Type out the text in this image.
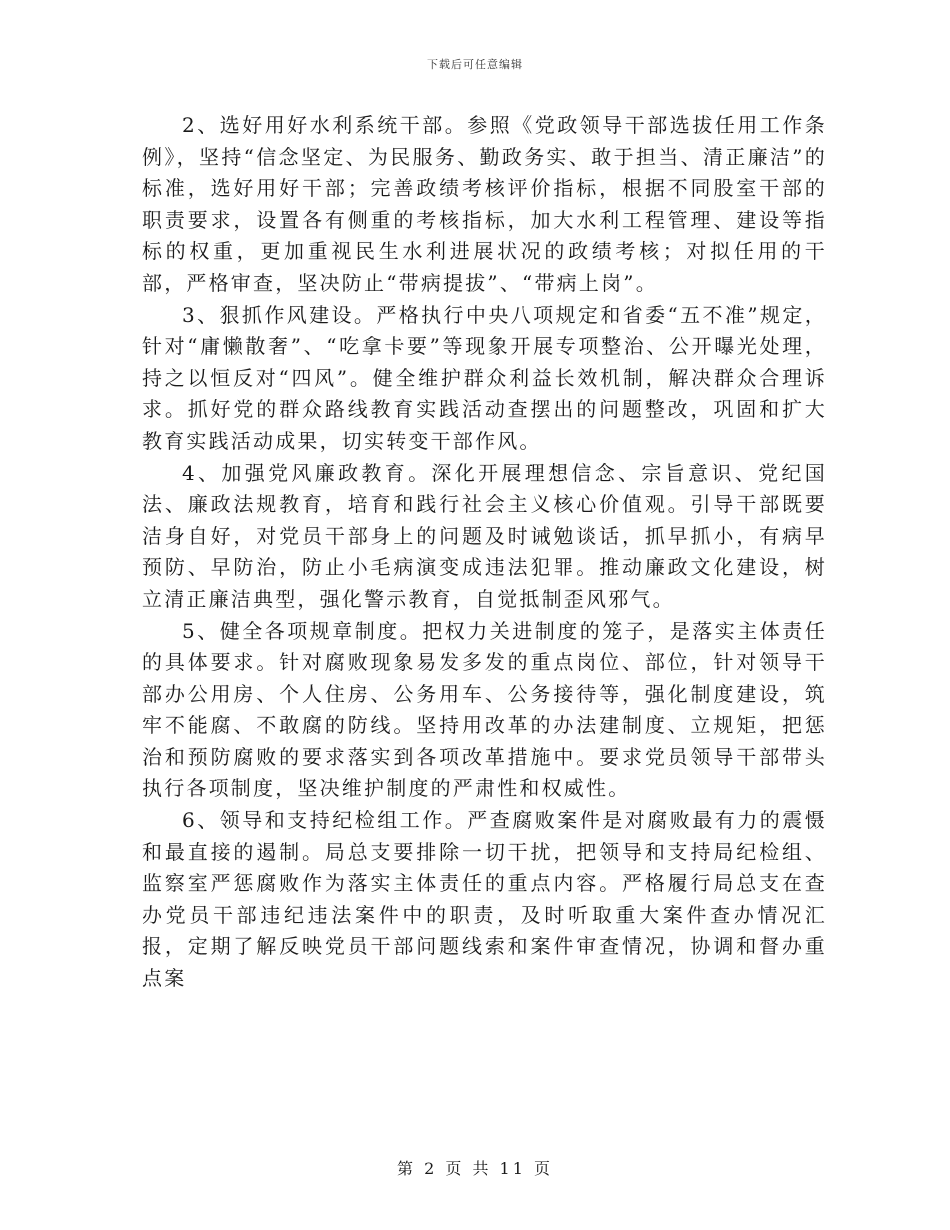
下载后可任意编辑

2、选好用好水利系统干部。参照《党政领导干部选拔任用工作条例》，坚持“信念坚定、为民服务、勤政务实、敢于担当、清正廉洁”的标准，选好用好干部；完善政绩考核评价指标，根据不同股室干部的职责要求，设置各有侧重的考核指标，加大水利工程管理、建设等指标的权重，更加重视民生水利进展状况的政绩考核；对拟任用的干部，严格审查，坚决防止“带病提拔”、“带病上岗”。

3、狠抓作风建设。严格执行中央八项规定和省委“五不准”规定，针对“庸懒散奢”、“吃拿卡要”等现象开展专项整治、公开曝光处理，持之以恒反对“四风”。健全维护群众利益长效机制，解决群众合理诉求。抓好党的群众路线教育实践活动查摆出的问题整改，巩固和扩大教育实践活动成果，切实转变干部作风。

4、加强党风廉政教育。深化开展理想信念、宗旨意识、党纪国法、廉政法规教育，培育和践行社会主义核心价值观。引导干部既要洁身自好，对党员干部身上的问题及时诫勉谈话，抓早抓小，有病早预防、早防治，防止小毛病演变成违法犯罪。推动廉政文化建设，树立清正廉洁典型，强化警示教育，自觉抵制歪风邪气。

5、健全各项规章制度。把权力关进制度的笼子，是落实主体责任的具体要求。针对腐败现象易发多发的重点岗位、部位，针对领导干部办公用房、个人住房、公务用车、公务接待等，强化制度建设，筑牢不能腐、不敢腐的防线。坚持用改革的办法建制度、立规矩，把惩治和预防腐败的要求落实到各项改革措施中。要求党员领导干部带头执行各项制度，坚决维护制度的严肃性和权威性。

6、领导和支持纪检组工作。严查腐败案件是对腐败最有力的震慑和最直接的遏制。局总支要排除一切干扰，把领导和支持局纪检组、监察室严惩腐败作为落实主体责任的重点内容。严格履行局总支在查办党员干部违纪违法案件中的职责，及时听取重大案件查办情况汇报，定期了解反映党员干部问题线索和案件审查情况，协调和督办重点案

第 2 页 共 11 页
